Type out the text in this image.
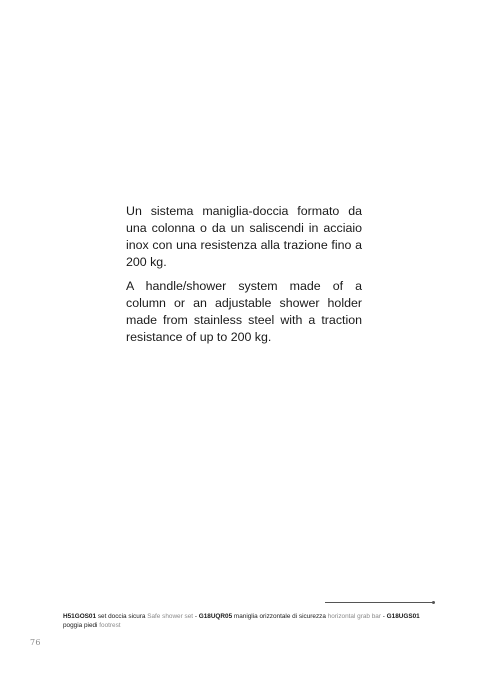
Un sistema maniglia-doccia formato da una colonna o da un saliscendi in acciaio inox con una resistenza alla trazione fino a 200 kg.

A handle/shower system made of a column or an adjustable shower holder made from stainless steel with a traction resistance of up to 200 kg.

H51GOS01 set doccia sicura Safe shower set - G18UQR05 maniglia orizzontale di sicurezza horizontal grab bar - G18UGS01 poggia piedi footrest
76
